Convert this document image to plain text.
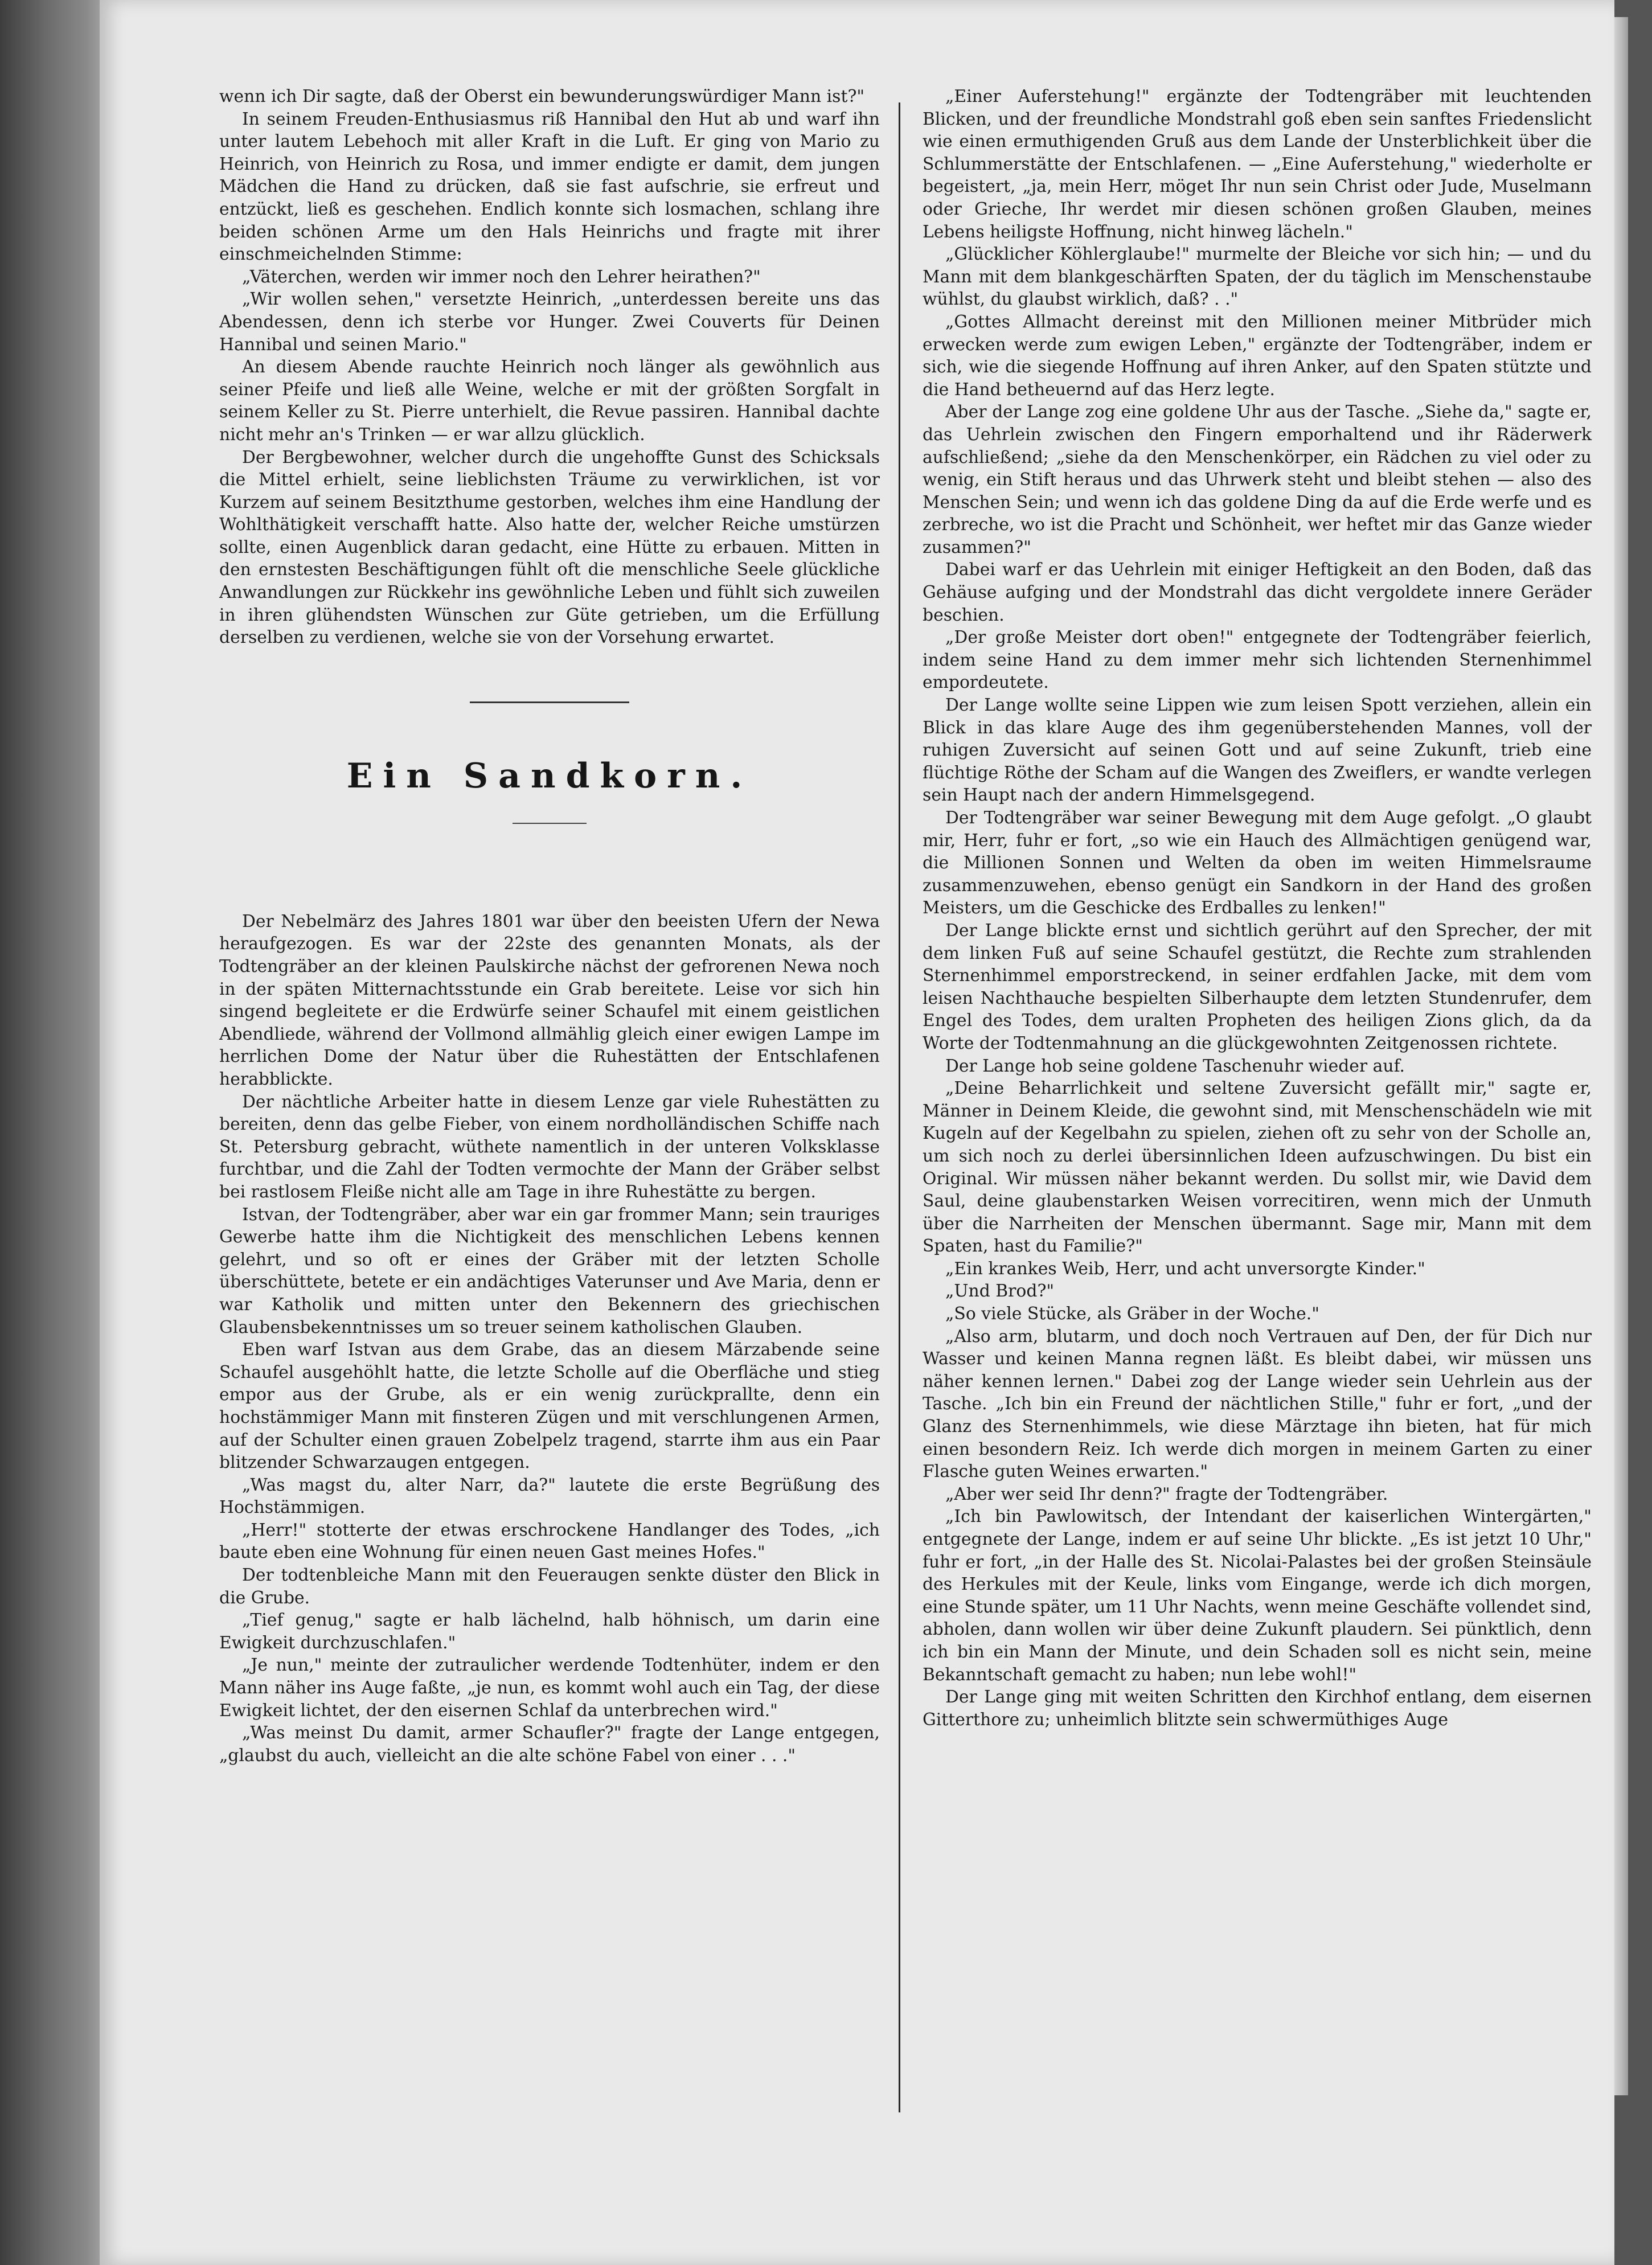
wenn ich Dir sagte, daß der Oberst ein bewunderungswürdiger Mann ist?"

In seinem Freuden-Enthusiasmus riß Hannibal den Hut ab und warf ihn unter lautem Lebehoch mit aller Kraft in die Luft. Er ging von Mario zu Heinrich, von Heinrich zu Rosa, und immer endigte er damit, dem jungen Mädchen die Hand zu drücken, daß sie fast aufschrie, sie erfreut und entzückt, ließ es geschehen. Endlich konnte sich losmachen, schlang ihre beiden schönen Arme um den Hals Heinrichs und fragte mit ihrer einschmeichelnden Stimme:

„Väterchen, werden wir immer noch den Lehrer heirathen?"

„Wir wollen sehen," versetzte Heinrich, „unterdessen bereite uns das Abendessen, denn ich sterbe vor Hunger. Zwei Couverts für Deinen Hannibal und seinen Mario."

An diesem Abende rauchte Heinrich noch länger als gewöhnlich aus seiner Pfeife und ließ alle Weine, welche er mit der größten Sorgfalt in seinem Keller zu St. Pierre unterhielt, die Revue passiren. Hannibal dachte nicht mehr an's Trinken — er war allzu glücklich.

Der Bergbewohner, welcher durch die ungehoffte Gunst des Schicksals die Mittel erhielt, seine lieblichsten Träume zu verwirklichen, ist vor Kurzem auf seinem Besitzthume gestorben, welches ihm eine Handlung der Wohlthätigkeit verschafft hatte. Also hatte der, welcher Reiche umstürzen sollte, einen Augenblick daran gedacht, eine Hütte zu erbauen. Mitten in den ernstesten Beschäftigungen fühlt oft die menschliche Seele glückliche Anwandlungen zur Rückkehr ins gewöhnliche Leben und fühlt sich zuweilen in ihren glühendsten Wünschen zur Güte getrieben, um die Erfüllung derselben zu verdienen, welche sie von der Vorsehung erwartet.

Ein Sandkorn.

Der Nebelmärz des Jahres 1801 war über den beeisten Ufern der Newa heraufgezogen. Es war der 22ste des genannten Monats, als der Todtengräber an der kleinen Paulskirche nächst der gefrorenen Newa noch in der späten Mitternachtsstunde ein Grab bereitete. Leise vor sich hin singend begleitete er die Erdwürfe seiner Schaufel mit einem geistlichen Abendliede, während der Vollmond allmählig gleich einer ewigen Lampe im herrlichen Dome der Natur über die Ruhestätten der Entschlafenen herabblickte.

Der nächtliche Arbeiter hatte in diesem Lenze gar viele Ruhestätten zu bereiten, denn das gelbe Fieber, von einem nordholländischen Schiffe nach St. Petersburg gebracht, wüthete namentlich in der unteren Volksklasse furchtbar, und die Zahl der Todten vermochte der Mann der Gräber selbst bei rastlosem Fleiße nicht alle am Tage in ihre Ruhestätte zu bergen.

Istvan, der Todtengräber, aber war ein gar frommer Mann; sein trauriges Gewerbe hatte ihm die Nichtigkeit des menschlichen Lebens kennen gelehrt, und so oft er eines der Gräber mit der letzten Scholle überschüttete, betete er ein andächtiges Vaterunser und Ave Maria, denn er war Katholik und mitten unter den Bekennern des griechischen Glaubensbekenntnisses um so treuer seinem katholischen Glauben.

Eben warf Istvan aus dem Grabe, das an diesem Märzabende seine Schaufel ausgehöhlt hatte, die letzte Scholle auf die Oberfläche und stieg empor aus der Grube, als er ein wenig zurückprallte, denn ein hochstämmiger Mann mit finsteren Zügen und mit verschlungenen Armen, auf der Schulter einen grauen Zobelpelz tragend, starrte ihm aus ein Paar blitzender Schwarzaugen entgegen.

„Was magst du, alter Narr, da?" lautete die erste Begrüßung des Hochstämmigen.

„Herr!" stotterte der etwas erschrockene Handlanger des Todes, „ich baute eben eine Wohnung für einen neuen Gast meines Hofes."

Der todtenbleiche Mann mit den Feueraugen senkte düster den Blick in die Grube.

„Tief genug," sagte er halb lächelnd, halb höhnisch, um darin eine Ewigkeit durchzuschlafen."

„Je nun," meinte der zutraulicher werdende Todtenhüter, indem er den Mann näher ins Auge faßte, „je nun, es kommt wohl auch ein Tag, der diese Ewigkeit lichtet, der den eisernen Schlaf da unterbrechen wird."

„Was meinst Du damit, armer Schaufler?" fragte der Lange entgegen, „glaubst du auch, vielleicht an die alte schöne Fabel von einer . . ."

„Einer Auferstehung!" ergänzte der Todtengräber mit leuchtenden Blicken, und der freundliche Mondstrahl goß eben sein sanftes Friedenslicht wie einen ermuthigenden Gruß aus dem Lande der Unsterblichkeit über die Schlummerstätte der Entschlafenen. — „Eine Auferstehung," wiederholte er begeistert, „ja, mein Herr, möget Ihr nun sein Christ oder Jude, Muselmann oder Grieche, Ihr werdet mir diesen schönen großen Glauben, meines Lebens heiligste Hoffnung, nicht hinweg lächeln."

„Glücklicher Köhlerglaube!" murmelte der Bleiche vor sich hin; — und du Mann mit dem blankgeschärften Spaten, der du täglich im Menschenstaube wühlst, du glaubst wirklich, daß? . ."

„Gottes Allmacht dereinst mit den Millionen meiner Mitbrüder mich erwecken werde zum ewigen Leben," ergänzte der Todtengräber, indem er sich, wie die siegende Hoffnung auf ihren Anker, auf den Spaten stützte und die Hand betheuernd auf das Herz legte.

Aber der Lange zog eine goldene Uhr aus der Tasche. „Siehe da," sagte er, das Uehrlein zwischen den Fingern emporhaltend und ihr Räderwerk aufschließend; „siehe da den Menschenkörper, ein Rädchen zu viel oder zu wenig, ein Stift heraus und das Uhrwerk steht und bleibt stehen — also des Menschen Sein; und wenn ich das goldene Ding da auf die Erde werfe und es zerbreche, wo ist die Pracht und Schönheit, wer heftet mir das Ganze wieder zusammen?"

Dabei warf er das Uehrlein mit einiger Heftigkeit an den Boden, daß das Gehäuse aufging und der Mondstrahl das dicht vergoldete innere Geräder beschien.

„Der große Meister dort oben!" entgegnete der Todtengräber feierlich, indem seine Hand zu dem immer mehr sich lichtenden Sternenhimmel empordeutete.

Der Lange wollte seine Lippen wie zum leisen Spott verziehen, allein ein Blick in das klare Auge des ihm gegenüberstehenden Mannes, voll der ruhigen Zuversicht auf seinen Gott und auf seine Zukunft, trieb eine flüchtige Röthe der Scham auf die Wangen des Zweiflers, er wandte verlegen sein Haupt nach der andern Himmelsgegend.

Der Todtengräber war seiner Bewegung mit dem Auge gefolgt. „O glaubt mir, Herr, fuhr er fort, „so wie ein Hauch des Allmächtigen genügend war, die Millionen Sonnen und Welten da oben im weiten Himmelsraume zusammenzuwehen, ebenso genügt ein Sandkorn in der Hand des großen Meisters, um die Geschicke des Erdballes zu lenken!"

Der Lange blickte ernst und sichtlich gerührt auf den Sprecher, der mit dem linken Fuß auf seine Schaufel gestützt, die Rechte zum strahlenden Sternenhimmel emporstreckend, in seiner erdfahlen Jacke, mit dem vom leisen Nachthauche bespielten Silberhaupte dem letzten Stundenrufer, dem Engel des Todes, dem uralten Propheten des heiligen Zions glich, da da Worte der Todtenmahnung an die glückgewohnten Zeitgenossen richtete.

Der Lange hob seine goldene Taschenuhr wieder auf.

„Deine Beharrlichkeit und seltene Zuversicht gefällt mir," sagte er, Männer in Deinem Kleide, die gewohnt sind, mit Menschenschädeln wie mit Kugeln auf der Kegelbahn zu spielen, ziehen oft zu sehr von der Scholle an, um sich noch zu derlei übersinnlichen Ideen aufzuschwingen. Du bist ein Original. Wir müssen näher bekannt werden. Du sollst mir, wie David dem Saul, deine glaubenstarken Weisen vorrecitiren, wenn mich der Unmuth über die Narrheiten der Menschen übermannt. Sage mir, Mann mit dem Spaten, hast du Familie?"

„Ein krankes Weib, Herr, und acht unversorgte Kinder."

„Und Brod?"

„So viele Stücke, als Gräber in der Woche."

„Also arm, blutarm, und doch noch Vertrauen auf Den, der für Dich nur Wasser und keinen Manna regnen läßt. Es bleibt dabei, wir müssen uns näher kennen lernen." Dabei zog der Lange wieder sein Uehrlein aus der Tasche. „Ich bin ein Freund der nächtlichen Stille," fuhr er fort, „und der Glanz des Sternenhimmels, wie diese Märztage ihn bieten, hat für mich einen besondern Reiz. Ich werde dich morgen in meinem Garten zu einer Flasche guten Weines erwarten."

„Aber wer seid Ihr denn?" fragte der Todtengräber.

„Ich bin Pawlowitsch, der Intendant der kaiserlichen Wintergärten," entgegnete der Lange, indem er auf seine Uhr blickte. „Es ist jetzt 10 Uhr," fuhr er fort, „in der Halle des St. Nicolai-Palastes bei der großen Steinsäule des Herkules mit der Keule, links vom Eingange, werde ich dich morgen, eine Stunde später, um 11 Uhr Nachts, wenn meine Geschäfte vollendet sind, abholen, dann wollen wir über deine Zukunft plaudern. Sei pünktlich, denn ich bin ein Mann der Minute, und dein Schaden soll es nicht sein, meine Bekanntschaft gemacht zu haben; nun lebe wohl!"

Der Lange ging mit weiten Schritten den Kirchhof entlang, dem eisernen Gitterthore zu; unheimlich blitzte sein schwermüthiges Auge
